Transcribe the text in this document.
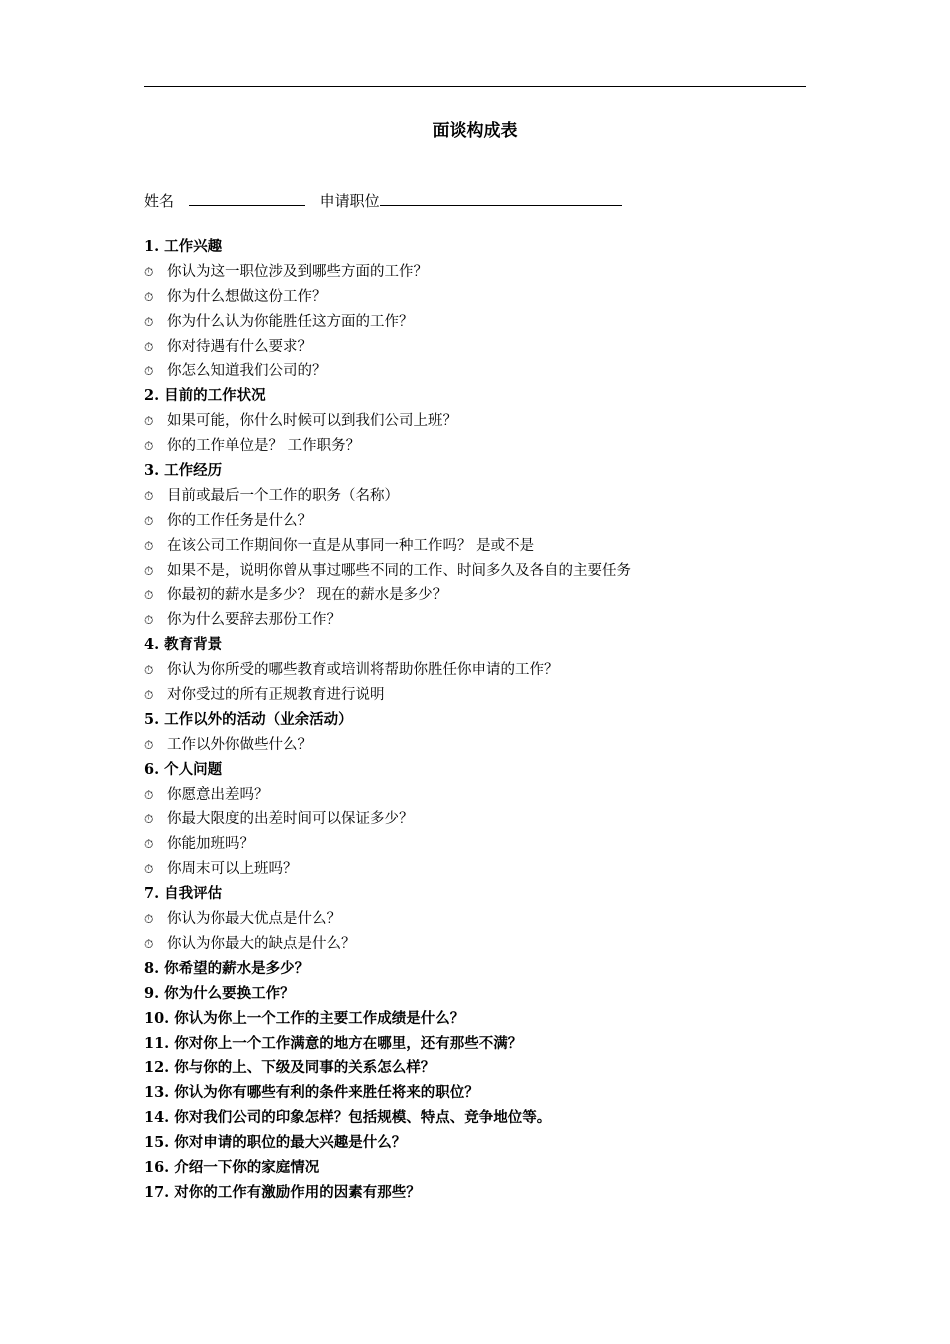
面谈构成表
姓名	申请职位
1. 工作兴趣
⏱ 你认为这一职位涉及到哪些方面的工作？
⏱ 你为什么想做这份工作？
⏱ 你为什么认为你能胜任这方面的工作？
⏱ 你对待遇有什么要求？
⏱ 你怎么知道我们公司的？
2. 目前的工作状况
⏱ 如果可能，你什么时候可以到我们公司上班？
⏱ 你的工作单位是？ 工作职务？
3. 工作经历
⏱ 目前或最后一个工作的职务（名称）
⏱ 你的工作任务是什么？
⏱ 在该公司工作期间你一直是从事同一种工作吗？ 是或不是
⏱ 如果不是，说明你曾从事过哪些不同的工作、时间多久及各自的主要任务
⏱ 你最初的薪水是多少？ 现在的薪水是多少？
⏱ 你为什么要辞去那份工作？
4. 教育背景
⏱ 你认为你所受的哪些教育或培训将帮助你胜任你申请的工作？
⏱ 对你受过的所有正规教育进行说明
5. 工作以外的活动（业余活动）
⏱ 工作以外你做些什么？
6. 个人问题
⏱ 你愿意出差吗？
⏱ 你最大限度的出差时间可以保证多少？
⏱ 你能加班吗？
⏱ 你周末可以上班吗？
7. 自我评估
⏱ 你认为你最大优点是什么？
⏱ 你认为你最大的缺点是什么？
8. 你希望的薪水是多少？
9. 你为什么要换工作？
10. 你认为你上一个工作的主要工作成绩是什么？
11. 你对你上一个工作满意的地方在哪里，还有那些不满？
12. 你与你的上、下级及同事的关系怎么样？
13. 你认为你有哪些有利的条件来胜任将来的职位？
14. 你对我们公司的印象怎样？包括规模、特点、竞争地位等。
15. 你对申请的职位的最大兴趣是什么？
16. 介绍一下你的家庭情况
17. 对你的工作有激励作用的因素有那些？
